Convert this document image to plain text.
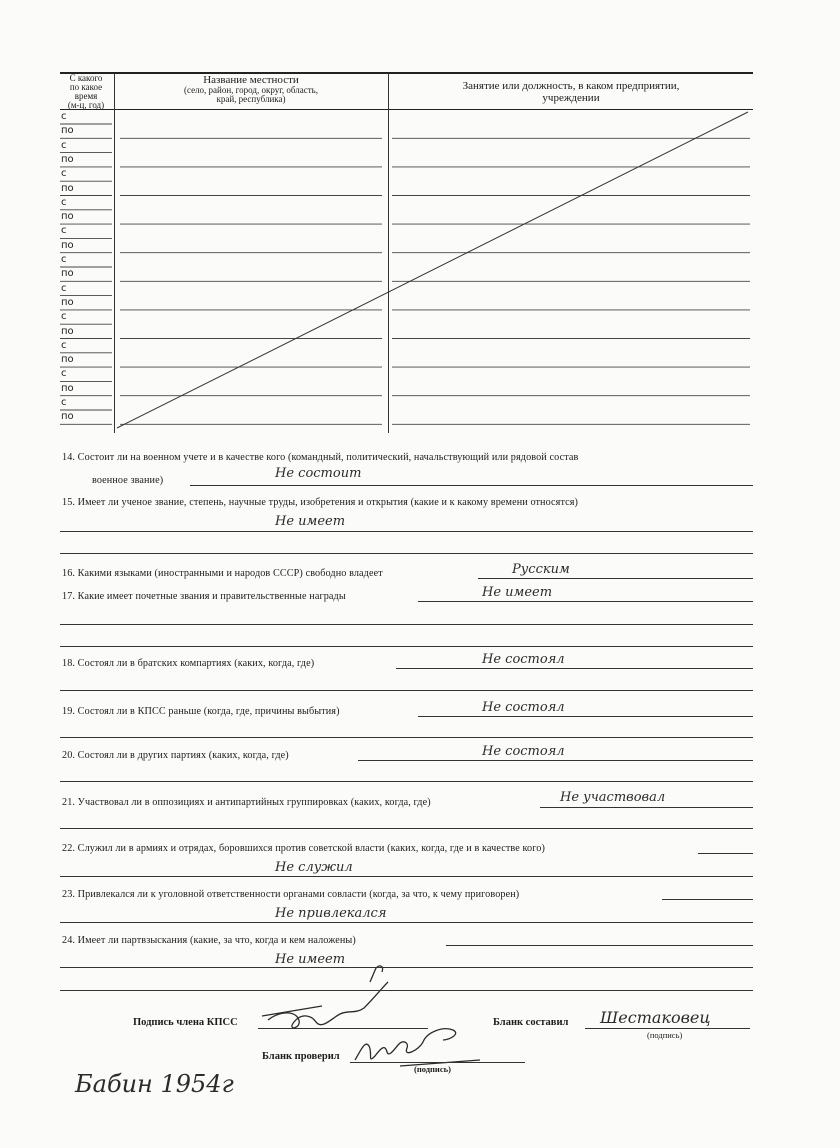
С какого
по какое
время
(м-ц, год)
Название местности
(село, район, город, округ, область,
край, республика)
Занятие или должность, в каком предприятии,
учреждении
с
по
с
по
с
по
с
по
с
по
с
по
с
по
с
по
с
по
с
по
с
по
14. Состоит ли на военном учете и в качестве кого (командный, политический, начальствующий или рядовой состав
военное звание)	Не состоит
15. Имеет ли ученое звание, степень, научные труды, изобретения и открытия (какие и к какому времени относятся)
Не имеет
16. Какими языками (иностранными и народов СССР) свободно владеет	Русским
17. Какие имеет почетные звания и правительственные награды	Не имеет
18. Состоял ли в братских компартиях (каких, когда, где)	Не состоял
19. Состоял ли в КПСС раньше (когда, где, причины выбытия)	Не состоял
20. Состоял ли в других партиях (каких, когда, где)	Не состоял
21. Участвовал ли в оппозициях и антипартийных группировках (каких, когда, где)	Не участвовал
22. Служил ли в армиях и отрядах, боровшихся против советской власти (каких, когда, где и в качестве кого)
Не служил
23. Привлекался ли к уголовной ответственности органами совласти (когда, за что, к чему приговорен)
Не привлекался
24. Имеет ли партвзыскания (какие, за что, когда и кем наложены)
Не имеет
Подпись члена КПСС	Бланк составил Шестаковец
(подпись)
Бланк проверил
(подпись)
Бабин 1954г
